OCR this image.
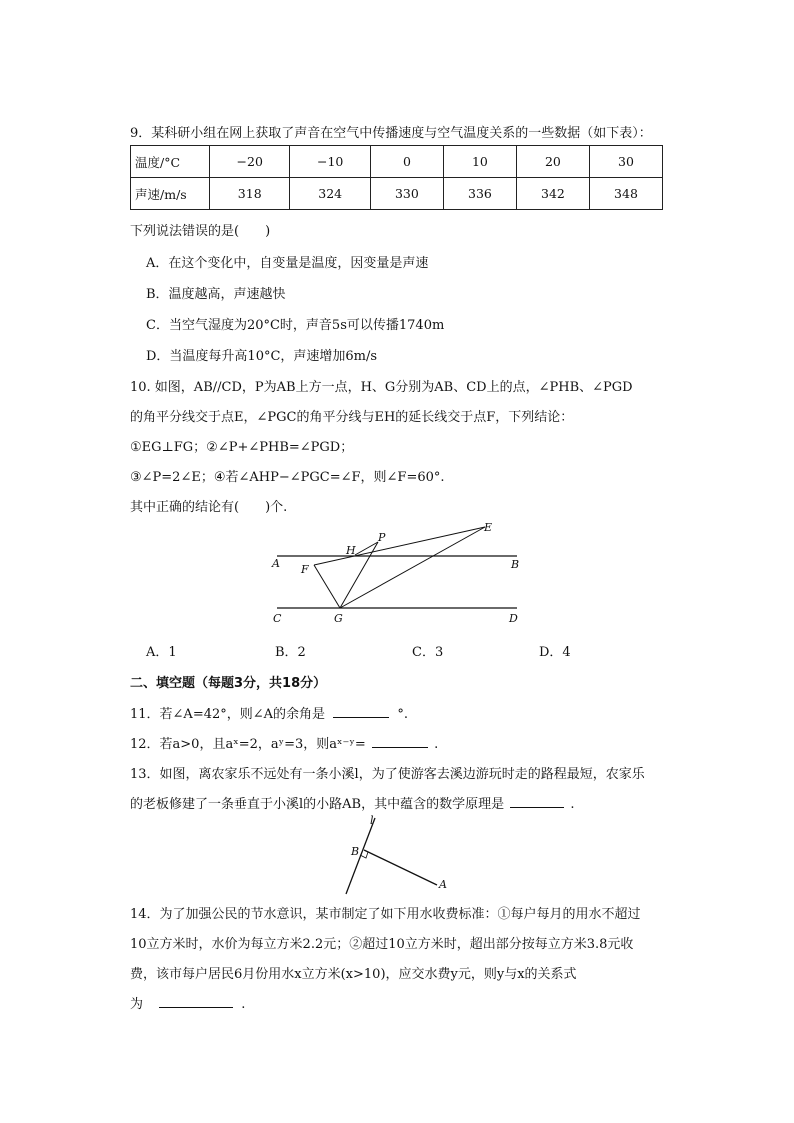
9．某科研小组在网上获取了声音在空气中传播速度与空气温度关系的一些数据（如下表）：
温度/°C	−20	−10	0	10	20	30
声速/m/s	318	324	330	336	342	348
下列说法错误的是(　　)
A．在这个变化中，自变量是温度，因变量是声速
B．温度越高，声速越快
C．当空气湿度为20°C时，声音5s可以传播1740m
D．当温度每升高10°C，声速增加6m/s
10. 如图，AB//CD，P为AB上方一点，H、G分别为AB、CD上的点，∠PHB、∠PGD
的角平分线交于点E，∠PGC的角平分线与EH的延长线交于点F，下列结论：
①EG⊥FG；②∠P+∠PHB=∠PGD；
③∠P=2∠E；④若∠AHP−∠PGC=∠F，则∠F=60°.
其中正确的结论有(　　)个.
A	B
C	D
E
F
G
H
P
A．1	B．2	C．3	D．4
二、填空题（每题3分，共18分）
11．若∠A=42°，则∠A的余角是	°.
12．若a>0，且aˣ=2，aʸ=3，则aˣ⁻ʸ=	.
13．如图，离农家乐不远处有一条小溪l，为了使游客去溪边游玩时走的路程最短，农家乐
的老板修建了一条垂直于小溪l的小路AB，其中蕴含的数学原理是	.
l
B
A
14．为了加强公民的节水意识，某市制定了如下用水收费标准：①每户每月的用水不超过
10立方米时，水价为每立方米2.2元；②超过10立方米时，超出部分按每立方米3.8元收
费，该市每户居民6月份用水x立方米(x>10)，应交水费y元，则y与x的关系式
为	.
